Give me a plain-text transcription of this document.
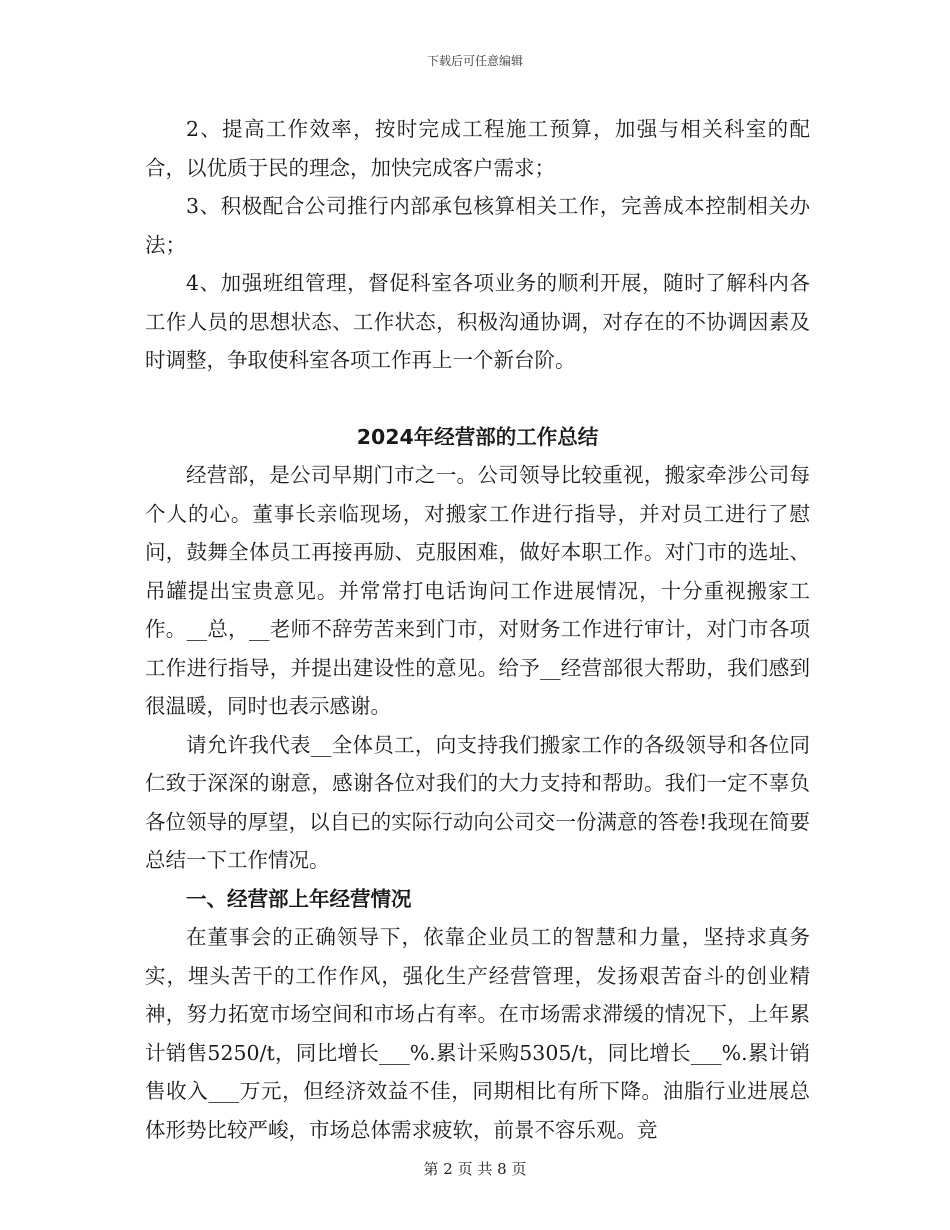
下载后可任意编辑

2、提高工作效率，按时完成工程施工预算，加强与相关科室的配合，以优质于民的理念，加快完成客户需求；

3、积极配合公司推行内部承包核算相关工作，完善成本控制相关办法；

4、加强班组管理，督促科室各项业务的顺利开展，随时了解科内各工作人员的思想状态、工作状态，积极沟通协调，对存在的不协调因素及时调整，争取使科室各项工作再上一个新台阶。

2024年经营部的工作总结

经营部，是公司早期门市之一。公司领导比较重视，搬家牵涉公司每个人的心。董事长亲临现场，对搬家工作进行指导，并对员工进行了慰问，鼓舞全体员工再接再励、克服困难，做好本职工作。对门市的选址、吊罐提出宝贵意见。并常常打电话询问工作进展情况，十分重视搬家工作。__总，__老师不辞劳苦来到门市，对财务工作进行审计，对门市各项工作进行指导，并提出建设性的意见。给予__经营部很大帮助，我们感到很温暖，同时也表示感谢。

请允许我代表__全体员工，向支持我们搬家工作的各级领导和各位同仁致于深深的谢意，感谢各位对我们的大力支持和帮助。我们一定不辜负各位领导的厚望，以自已的实际行动向公司交一份满意的答卷!我现在简要总结一下工作情况。

一、经营部上年经营情况

在董事会的正确领导下，依靠企业员工的智慧和力量，坚持求真务实，埋头苦干的工作作风，强化生产经营管理，发扬艰苦奋斗的创业精神，努力拓宽市场空间和市场占有率。在市场需求滞缓的情况下，上年累计销售5250/t，同比增长___%.累计采购5305/t，同比增长___%.累计销售收入___万元，但经济效益不佳，同期相比有所下降。油脂行业进展总体形势比较严峻，市场总体需求疲软，前景不容乐观。竞

第 2 页 共 8 页
